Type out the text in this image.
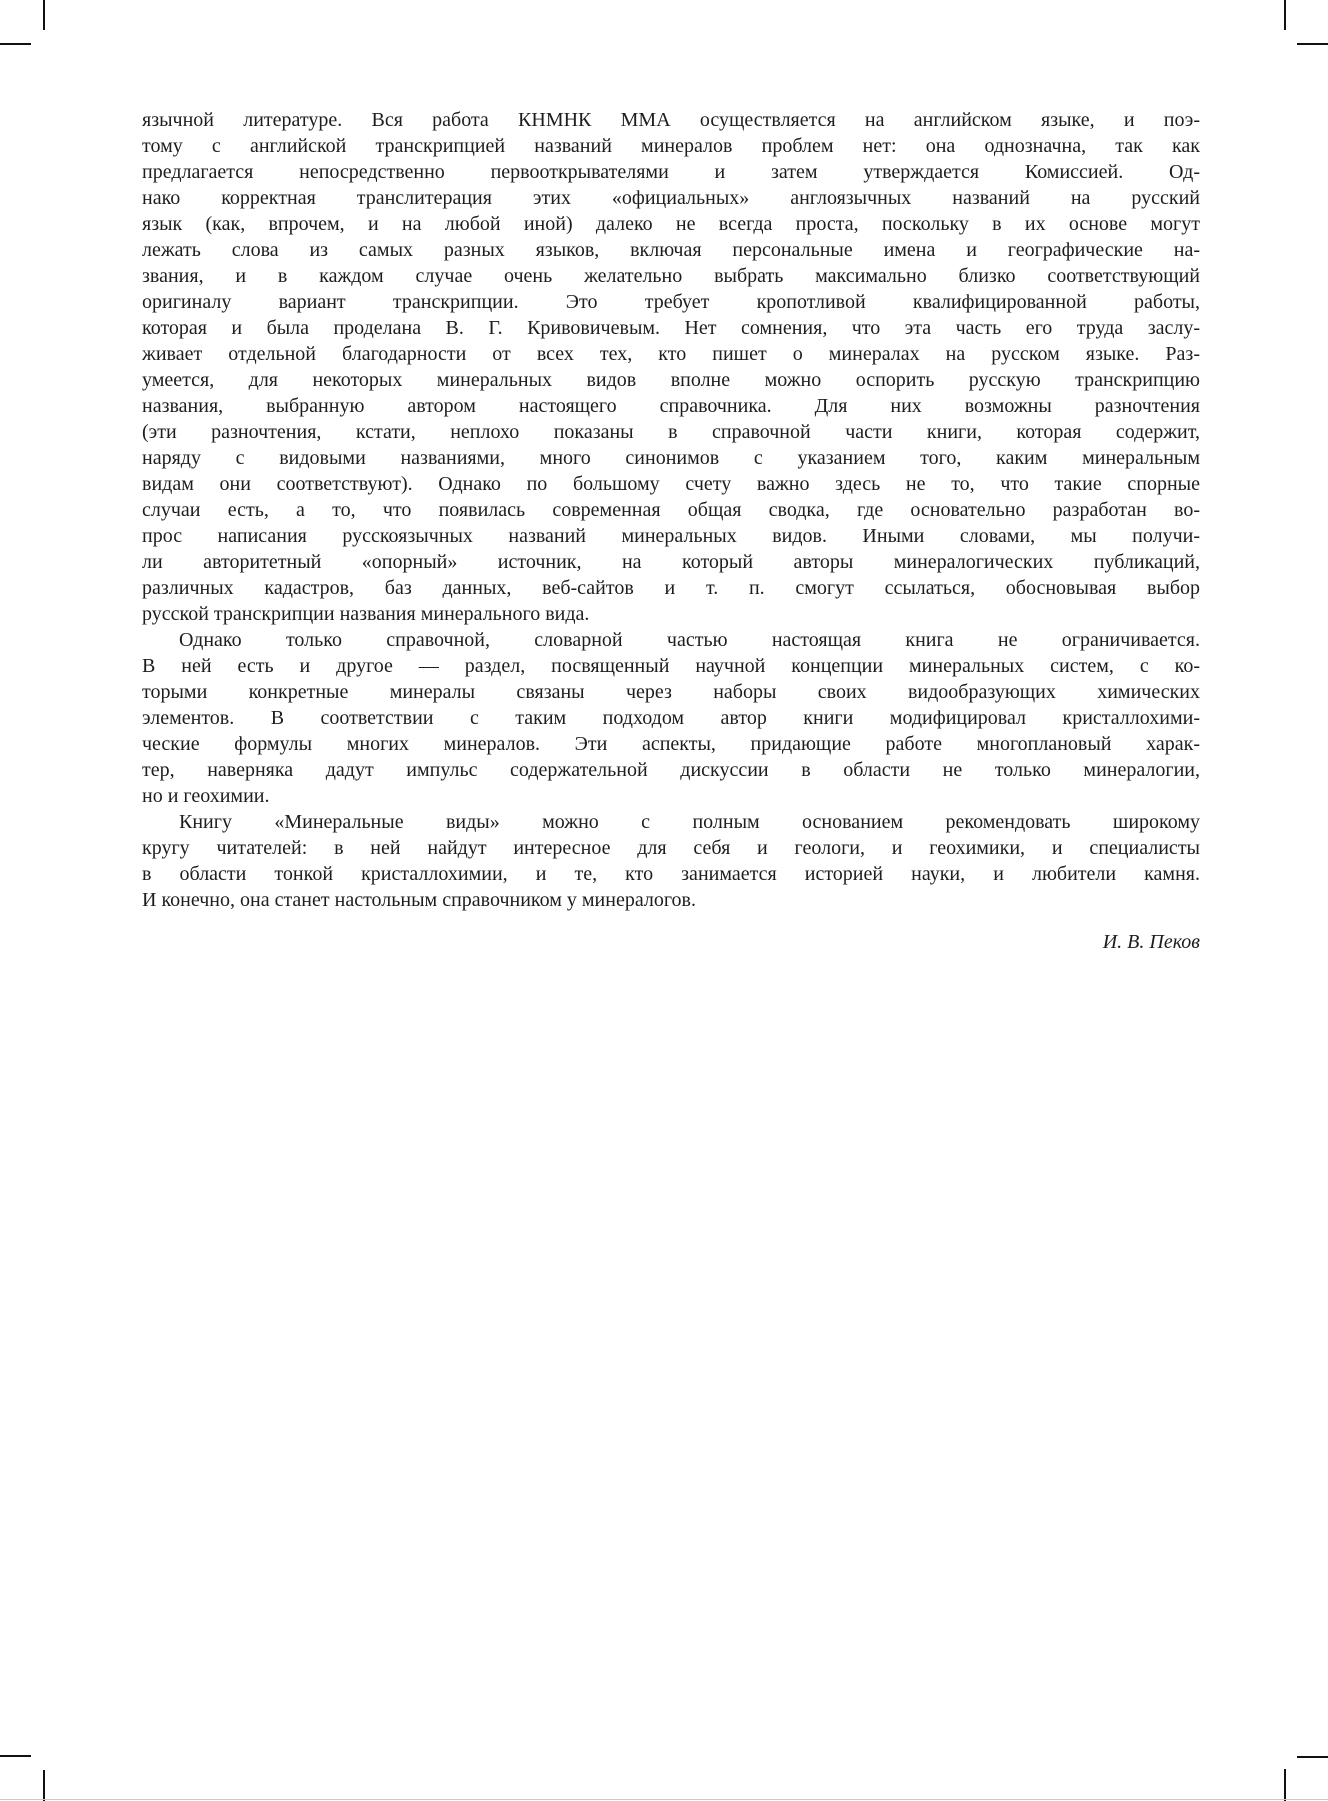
язычной литературе. Вся работа КНМНК ММА осуществляется на английском языке, и поэ-
тому с английской транскрипцией названий минералов проблем нет: она однозначна, так как
предлагается непосредственно первооткрывателями и затем утверждается Комиссией. Од-
нако корректная транслитерация этих «официальных» англоязычных названий на русский
язык (как, впрочем, и на любой иной) далеко не всегда проста, поскольку в их основе могут
лежать слова из самых разных языков, включая персональные имена и географические на-
звания, и в каждом случае очень желательно выбрать максимально близко соответствующий
оригиналу вариант транскрипции. Это требует кропотливой квалифицированной работы,
которая и была проделана В. Г. Кривовичевым. Нет сомнения, что эта часть его труда заслу-
живает отдельной благодарности от всех тех, кто пишет о минералах на русском языке. Раз-
умеется, для некоторых минеральных видов вполне можно оспорить русскую транскрипцию
названия, выбранную автором настоящего справочника. Для них возможны разночтения
(эти разночтения, кстати, неплохо показаны в справочной части книги, которая содержит,
наряду с видовыми названиями, много синонимов с указанием того, каким минеральным
видам они соответствуют). Однако по большому счету важно здесь не то, что такие спорные
случаи есть, а то, что появилась современная общая сводка, где основательно разработан во-
прос написания русскоязычных названий минеральных видов. Иными словами, мы получи-
ли авторитетный «опорный» источник, на который авторы минералогических публикаций,
различных кадастров, баз данных, веб-сайтов и т. п. смогут ссылаться, обосновывая выбор
русской транскрипции названия минерального вида.
Однако только справочной, словарной частью настоящая книга не ограничивается.
В ней есть и другое — раздел, посвященный научной концепции минеральных систем, с ко-
торыми конкретные минералы связаны через наборы своих видообразующих химических
элементов. В соответствии с таким подходом автор книги модифицировал кристаллохими-
ческие формулы многих минералов. Эти аспекты, придающие работе многоплановый харак-
тер, наверняка дадут импульс содержательной дискуссии в области не только минералогии,
но и геохимии.
Книгу «Минеральные виды» можно с полным основанием рекомендовать широкому
кругу читателей: в ней найдут интересное для себя и геологи, и геохимики, и специалисты
в области тонкой кристаллохимии, и те, кто занимается историей науки, и любители камня.
И конечно, она станет настольным справочником у минералогов.
И. В. Пеков
